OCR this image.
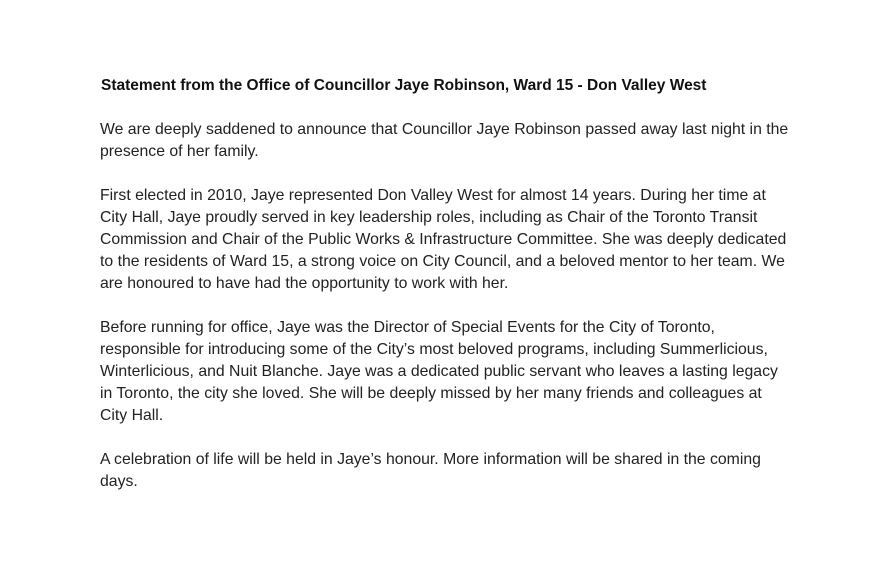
Statement from the Office of Councillor Jaye Robinson, Ward 15 - Don Valley West

We are deeply saddened to announce that Councillor Jaye Robinson passed away last night in the presence of her family.

First elected in 2010, Jaye represented Don Valley West for almost 14 years. During her time at City Hall, Jaye proudly served in key leadership roles, including as Chair of the Toronto Transit Commission and Chair of the Public Works & Infrastructure Committee. She was deeply dedicated to the residents of Ward 15, a strong voice on City Council, and a beloved mentor to her team. We are honoured to have had the opportunity to work with her.

Before running for office, Jaye was the Director of Special Events for the City of Toronto, responsible for introducing some of the City’s most beloved programs, including Summerlicious, Winterlicious, and Nuit Blanche. Jaye was a dedicated public servant who leaves a lasting legacy in Toronto, the city she loved. She will be deeply missed by her many friends and colleagues at City Hall.

A celebration of life will be held in Jaye’s honour. More information will be shared in the coming days.
